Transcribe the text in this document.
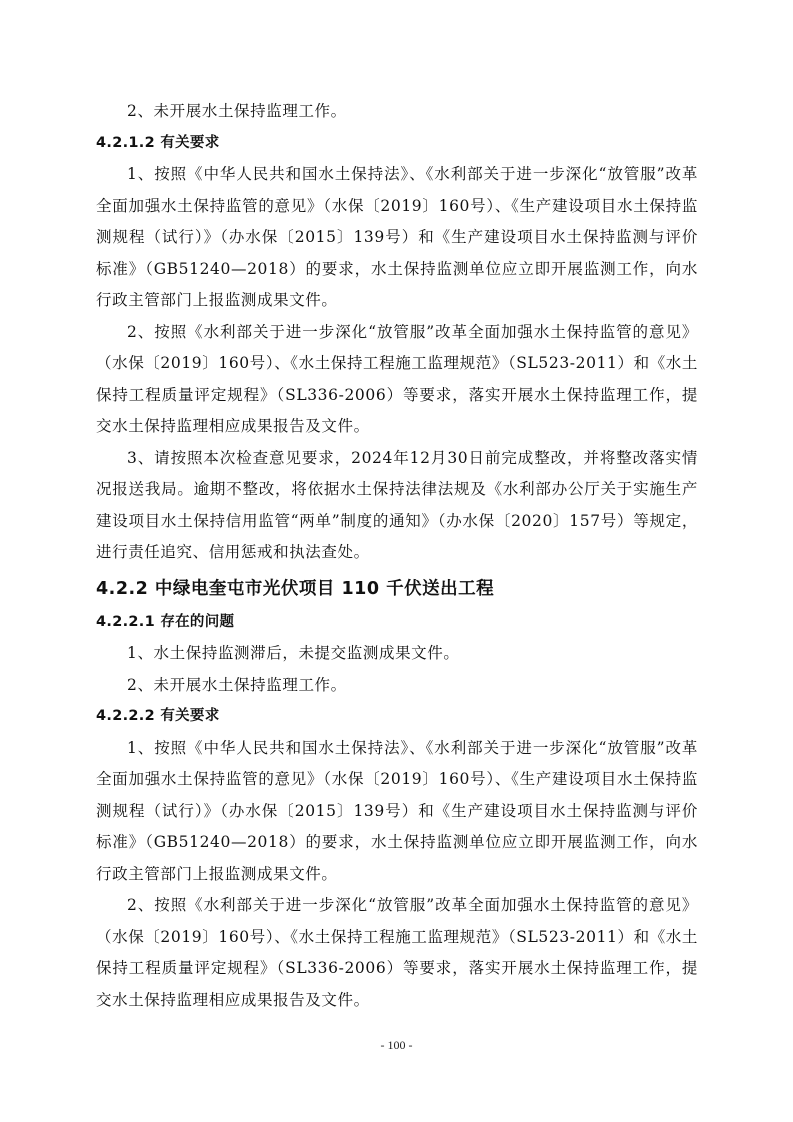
2、未开展水土保持监理工作。

4.2.1.2 有关要求

1、按照《中华人民共和国水土保持法》、《水利部关于进一步深化“放管服”改革全面加强水土保持监管的意见》（水保〔2019〕160号）、《生产建设项目水土保持监测规程（试行）》（办水保〔2015〕139号）和《生产建设项目水土保持监测与评价标准》（GB51240—2018）的要求，水土保持监测单位应立即开展监测工作，向水行政主管部门上报监测成果文件。

2、按照《水利部关于进一步深化“放管服”改革全面加强水土保持监管的意见》（水保〔2019〕160号）、《水土保持工程施工监理规范》（SL523-2011）和《水土保持工程质量评定规程》（SL336-2006）等要求，落实开展水土保持监理工作，提交水土保持监理相应成果报告及文件。

3、请按照本次检查意见要求，2024年12月30日前完成整改，并将整改落实情况报送我局。逾期不整改，将依据水土保持法律法规及《水利部办公厅关于实施生产建设项目水土保持信用监管“两单”制度的通知》（办水保〔2020〕157号）等规定，进行责任追究、信用惩戒和执法查处。

4.2.2 中绿电奎屯市光伏项目 110 千伏送出工程
4.2.2.1 存在的问题

1、水土保持监测滞后，未提交监测成果文件。

2、未开展水土保持监理工作。

4.2.2.2 有关要求

1、按照《中华人民共和国水土保持法》、《水利部关于进一步深化“放管服”改革全面加强水土保持监管的意见》（水保〔2019〕160号）、《生产建设项目水土保持监测规程（试行）》（办水保〔2015〕139号）和《生产建设项目水土保持监测与评价标准》（GB51240—2018）的要求，水土保持监测单位应立即开展监测工作，向水行政主管部门上报监测成果文件。

2、按照《水利部关于进一步深化“放管服”改革全面加强水土保持监管的意见》（水保〔2019〕160号）、《水土保持工程施工监理规范》（SL523-2011）和《水土保持工程质量评定规程》（SL336-2006）等要求，落实开展水土保持监理工作，提交水土保持监理相应成果报告及文件。

- 100 -
